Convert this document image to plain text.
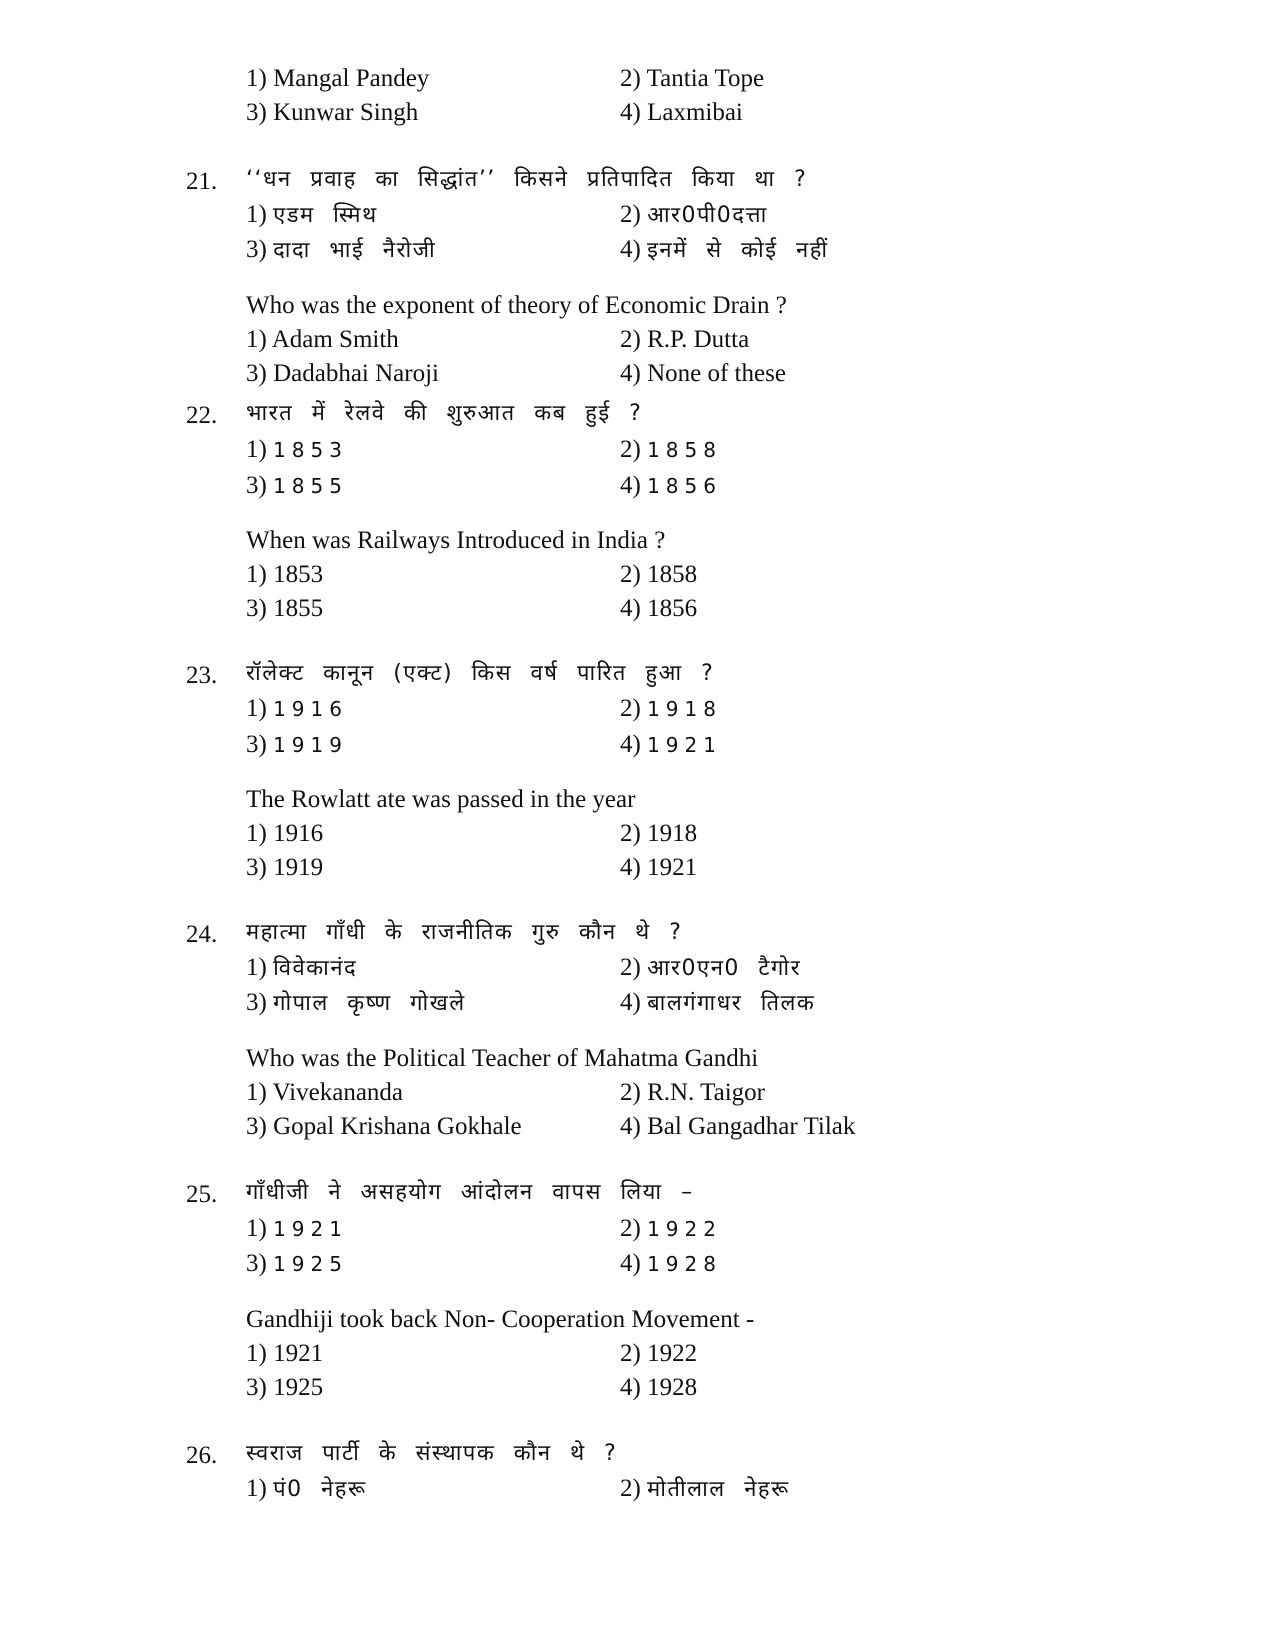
1) Mangal Pandey	2) Tantia Tope
3) Kunwar Singh	4) Laxmibai
21. ‘‘धन प्रवाह का सिद्धांत’’ किसने प्रतिपादित किया था ?
1) एडम स्मिथ	2) आर0पी0दत्ता
3) दादा भाई नैरोजी	4) इनमें से कोई नहीं
Who was the exponent of theory of Economic Drain ?
1) Adam Smith	2) R.P. Dutta
3) Dadabhai Naroji	4) None of these
22. भारत में रेलवे की शुरुआत कब हुई ?
1) 1853	2) 1858
3) 1855	4) 1856
When was Railways Introduced in India ?
1) 1853	2) 1858
3) 1855	4) 1856
23. रॉलेक्ट कानून (एक्ट) किस वर्ष पारित हुआ ?
1) 1916	2) 1918
3) 1919	4) 1921
The Rowlatt ate was passed in the year
1) 1916	2) 1918
3) 1919	4) 1921
24. महात्मा गाँधी के राजनीतिक गुरु कौन थे ?
1) विवेकानंद	2) आर0एन0 टैगोर
3) गोपाल कृष्ण गोखले	4) बालगंगाधर तिलक
Who was the Political Teacher of Mahatma Gandhi
1) Vivekananda	2) R.N. Taigor
3) Gopal Krishana Gokhale	4) Bal Gangadhar Tilak
25. गाँधीजी ने असहयोग आंदोलन वापस लिया –
1) 1921	2) 1922
3) 1925	4) 1928
Gandhiji took back Non- Cooperation Movement -
1) 1921	2) 1922
3) 1925	4) 1928
26. स्वराज पार्टी के संस्थापक कौन थे ?
1) पं0 नेहरू	2) मोतीलाल नेहरू
